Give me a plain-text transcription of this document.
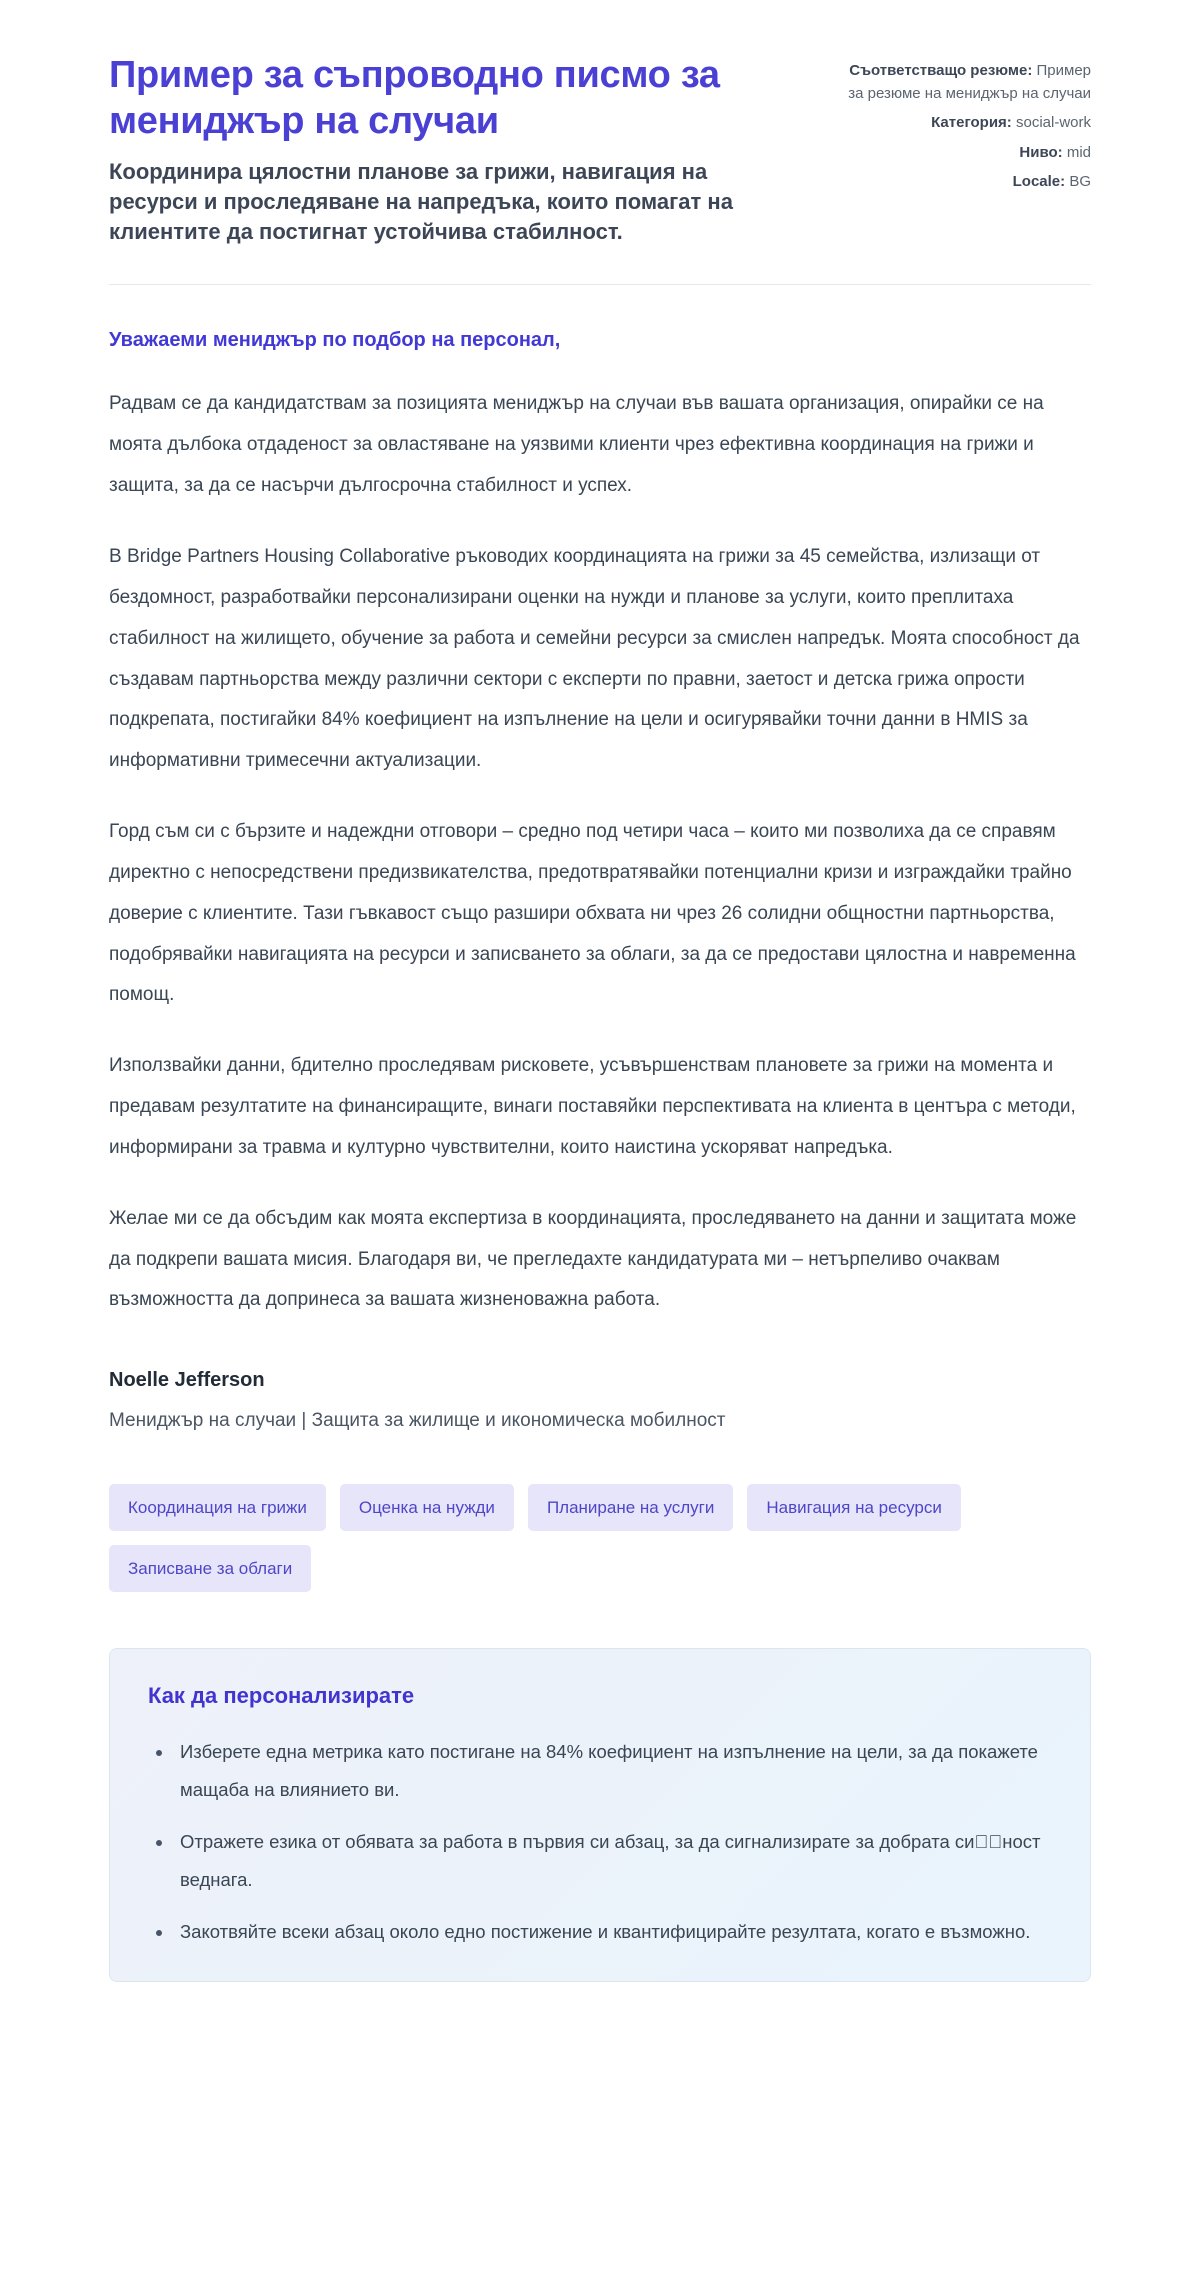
Пример за съпроводно писмо за мениджър на случаи

Координира цялостни планове за грижи, навигация на ресурси и проследяване на напредъка, които помагат на клиентите да постигнат устойчива стабилност.

Съответстващо резюме: Пример за резюме на мениджър на случаи
Категория: social-work
Ниво: mid
Locale: BG

Уважаеми мениджър по подбор на персонал,

Радвам се да кандидатствам за позицията мениджър на случаи във вашата организация, опирайки се на моята дълбока отдаденост за овластяване на уязвими клиенти чрез ефективна координация на грижи и защита, за да се насърчи дългосрочна стабилност и успех.

В Bridge Partners Housing Collaborative ръководих координацията на грижи за 45 семейства, излизащи от бездомност, разработвайки персонализирани оценки на нужди и планове за услуги, които преплитаха стабилност на жилището, обучение за работа и семейни ресурси за смислен напредък. Моята способност да създавам партньорства между различни сектори с експерти по правни, заетост и детска грижа опрости подкрепата, постигайки 84% коефициент на изпълнение на цели и осигурявайки точни данни в HMIS за информативни тримесечни актуализации.

Горд съм си с бързите и надеждни отговори – средно под четири часа – които ми позволиха да се справям директно с непосредствени предизвикателства, предотвратявайки потенциални кризи и изграждайки трайно доверие с клиентите. Тази гъвкавост също разшири обхвата ни чрез 26 солидни общностни партньорства, подобрявайки навигацията на ресурси и записването за облаги, за да се предостави цялостна и навременна помощ.

Използвайки данни, бдително проследявам рисковете, усъвършенствам плановете за грижи на момента и предавам резултатите на финансиращите, винаги поставяйки перспективата на клиента в центъра с методи, информирани за травма и културно чувствителни, които наистина ускоряват напредъка.

Желае ми се да обсъдим как моята експертиза в координацията, проследяването на данни и защитата може да подкрепи вашата мисия. Благодаря ви, че прегледахте кандидатурата ми – нетърпеливо очаквам възможността да допринеса за вашата жизненоважна работа.

Noelle Jefferson
Мениджър на случаи | Защита за жилище и икономическа мобилност
Координация на грижи	Оценка на нужди	Планиране на услуги	Навигация на ресурси
Записване за облаги
Как да персонализирате
• Изберете една метрика като постигане на 84% коефициент на изпълнение на цели, за да покажете мащаба на влиянието ви.
• Отражете езика от обявата за работа в първия си абзац, за да сигнализирате за добрата си ност веднага.
• Закотвяйте всеки абзац около едно постижение и квантифицирайте резултата, когато е възможно.
